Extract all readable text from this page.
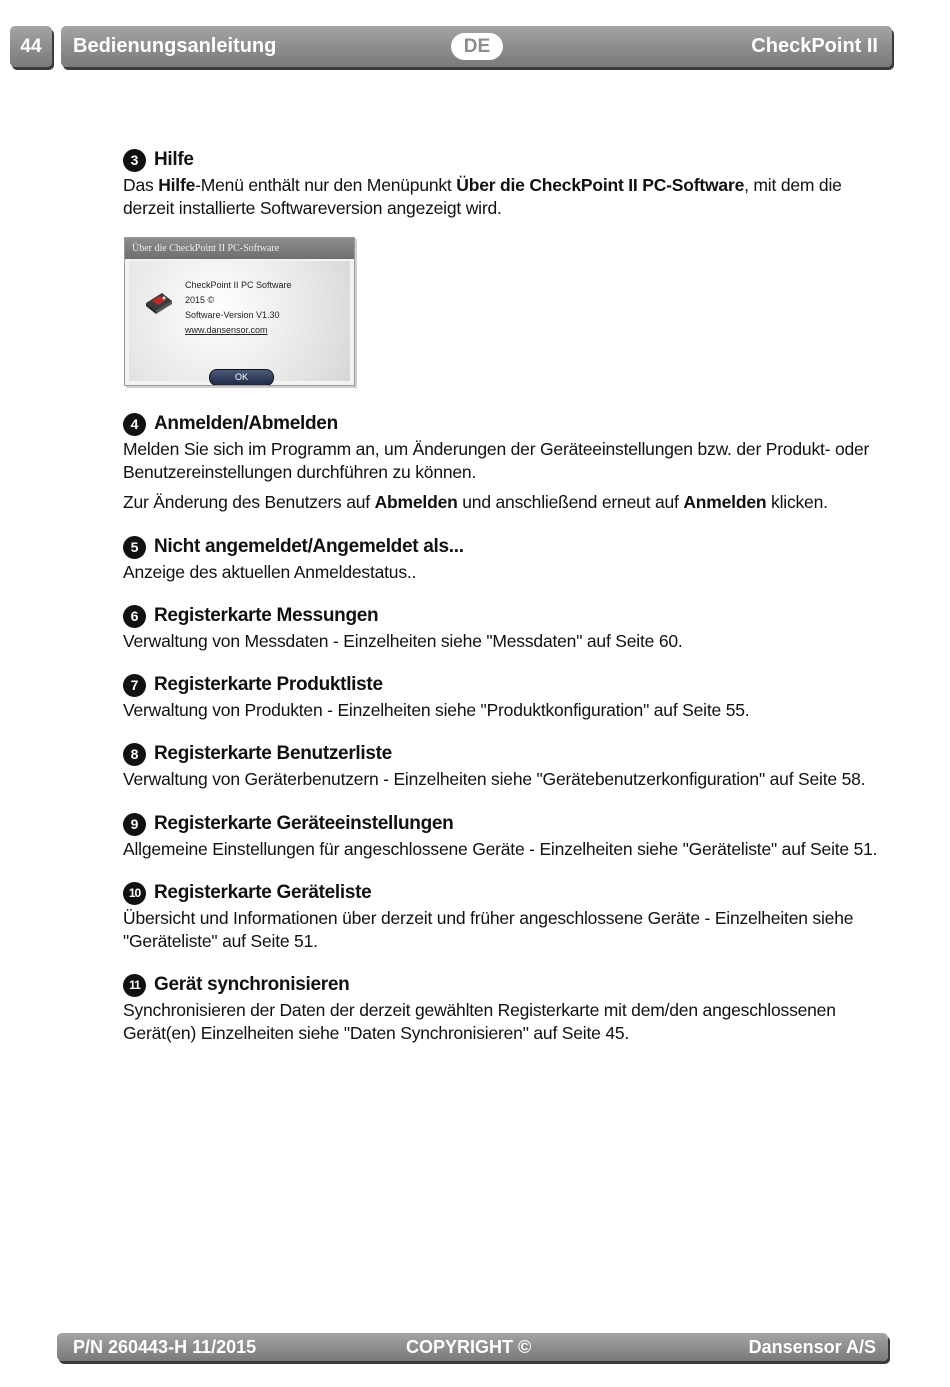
44	Bedienungsanleitung	DE	CheckPoint II
3 Hilfe

Das Hilfe-Menü enthält nur den Menüpunkt Über die CheckPoint II PC-Software, mit dem die derzeit installierte Softwareversion angezeigt wird.

Über die CheckPoint II PC-Software
CheckPoint II PC Software
2015 ©
Software-Version V1.30
www.dansensor.com
OK
4 Anmelden/Abmelden

Melden Sie sich im Programm an, um Änderungen der Geräteeinstellungen bzw. der Produkt- oder Benutzereinstellungen durchführen zu können.

Zur Änderung des Benutzers auf Abmelden und anschließend erneut auf Anmelden klicken.

5 Nicht angemeldet/Angemeldet als...

Anzeige des aktuellen Anmeldestatus..

6 Registerkarte Messungen

Verwaltung von Messdaten - Einzelheiten siehe "Messdaten" auf Seite 60.

7 Registerkarte Produktliste

Verwaltung von Produkten - Einzelheiten siehe "Produktkonfiguration" auf Seite 55.

8 Registerkarte Benutzerliste

Verwaltung von Geräterbenutzern - Einzelheiten siehe "Gerätebenutzerkonfiguration" auf Seite 58.

9 Registerkarte Geräteeinstellungen

Allgemeine Einstellungen für angeschlossene Geräte - Einzelheiten siehe "Geräteliste" auf Seite 51.

10 Registerkarte Geräteliste

Übersicht und Informationen über derzeit und früher angeschlossene Geräte - Einzelheiten siehe "Geräteliste" auf Seite 51.

11 Gerät synchronisieren

Synchronisieren der Daten der derzeit gewählten Registerkarte mit dem/den angeschlossenen Gerät(en) Einzelheiten siehe "Daten Synchronisieren" auf Seite 45.

P/N 260443-H 11/2015	COPYRIGHT ©	Dansensor A/S
